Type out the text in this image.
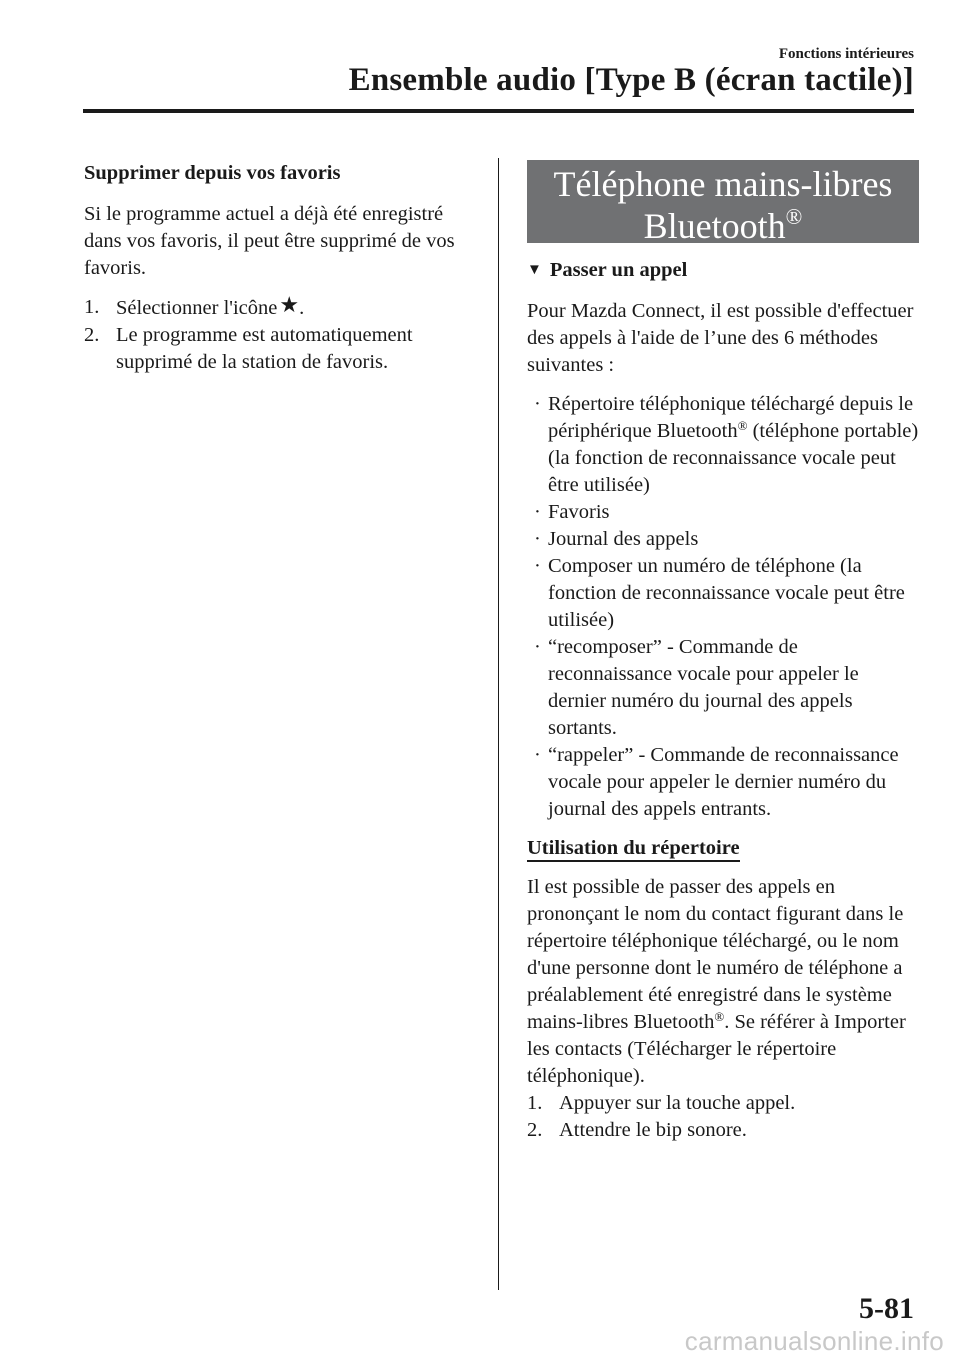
Fonctions intérieures
Ensemble audio [Type B (écran tactile)]

Supprimer depuis vos favoris

Si le programme actuel a déjà été enregistré dans vos favoris, il peut être supprimé de vos favoris.

1. Sélectionner l'icône★.
2. Le programme est automatiquement supprimé de la station de favoris.
Téléphone mains-libres
Bluetooth®
▼ Passer un appel

Pour Mazda Connect, il est possible d'effectuer des appels à l'aide de l’une des 6 méthodes suivantes :

· Répertoire téléphonique téléchargé depuis le périphérique Bluetooth® (téléphone portable) (la fonction de reconnaissance vocale peut être utilisée)
· Favoris
· Journal des appels
· Composer un numéro de téléphone (la fonction de reconnaissance vocale peut être utilisée)
· “recomposer” - Commande de reconnaissance vocale pour appeler le dernier numéro du journal des appels sortants.
· “rappeler” - Commande de reconnaissance vocale pour appeler le dernier numéro du journal des appels entrants.
Utilisation du répertoire

Il est possible de passer des appels en prononçant le nom du contact figurant dans le répertoire téléphonique téléchargé, ou le nom d'une personne dont le numéro de téléphone a préalablement été enregistré dans le système mains-libres Bluetooth®. Se référer à Importer les contacts (Télécharger le répertoire téléphonique).

1. Appuyer sur la touche appel.
2. Attendre le bip sonore.
5-81
carmanualsonline.info
